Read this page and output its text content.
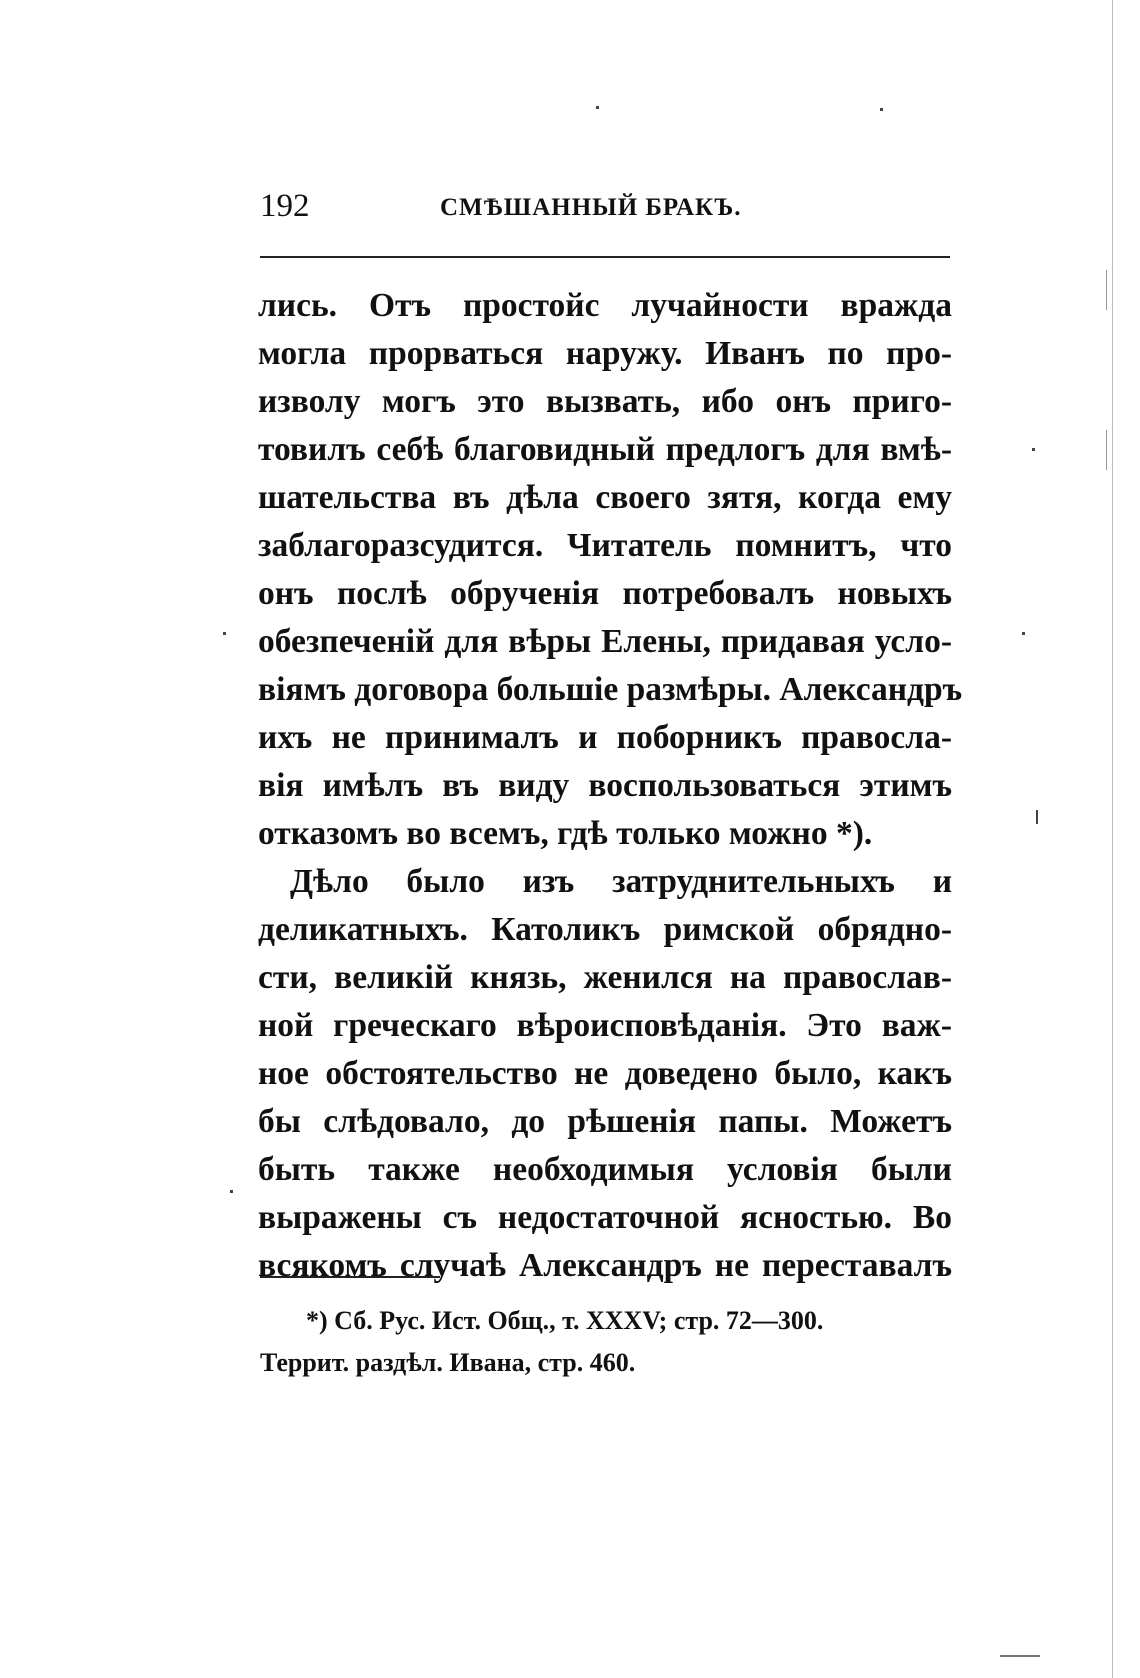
192	СМѢШАННЫЙ БРАКЪ.
лись. Отъ простойс лучайности вражда
могла прорваться наружу. Иванъ по про-
изволу могъ это вызвать, ибо онъ приго-
товилъ себѣ благовидный предлогъ для вмѣ-
шательства въ дѣла своего зятя, когда ему
заблагоразсудится. Читатель помнитъ, что
онъ послѣ обрученія потребовалъ новыхъ
обезпеченій для вѣры Елены, придавая усло-
віямъ договора большіе размѣры. Александръ
ихъ не принималъ и поборникъ правосла-
вія имѣлъ въ виду воспользоваться этимъ
отказомъ во всемъ, гдѣ только можно *).
Дѣло было изъ затруднительныхъ и
деликатныхъ. Католикъ римской обрядно-
сти, великій князь, женился на православ-
ной греческаго вѣроисповѣданія. Это важ-
ное обстоятельство не доведено было, какъ
бы слѣдовало, до рѣшенія папы. Можетъ
быть также необходимыя условія были
выражены съ недостаточной ясностью. Во
всякомъ случаѣ Александръ не переставалъ
*) Сб. Рус. Ист. Общ., т. XXXV; стр. 72—300.
Террит. раздѣл. Ивана, стр. 460.
